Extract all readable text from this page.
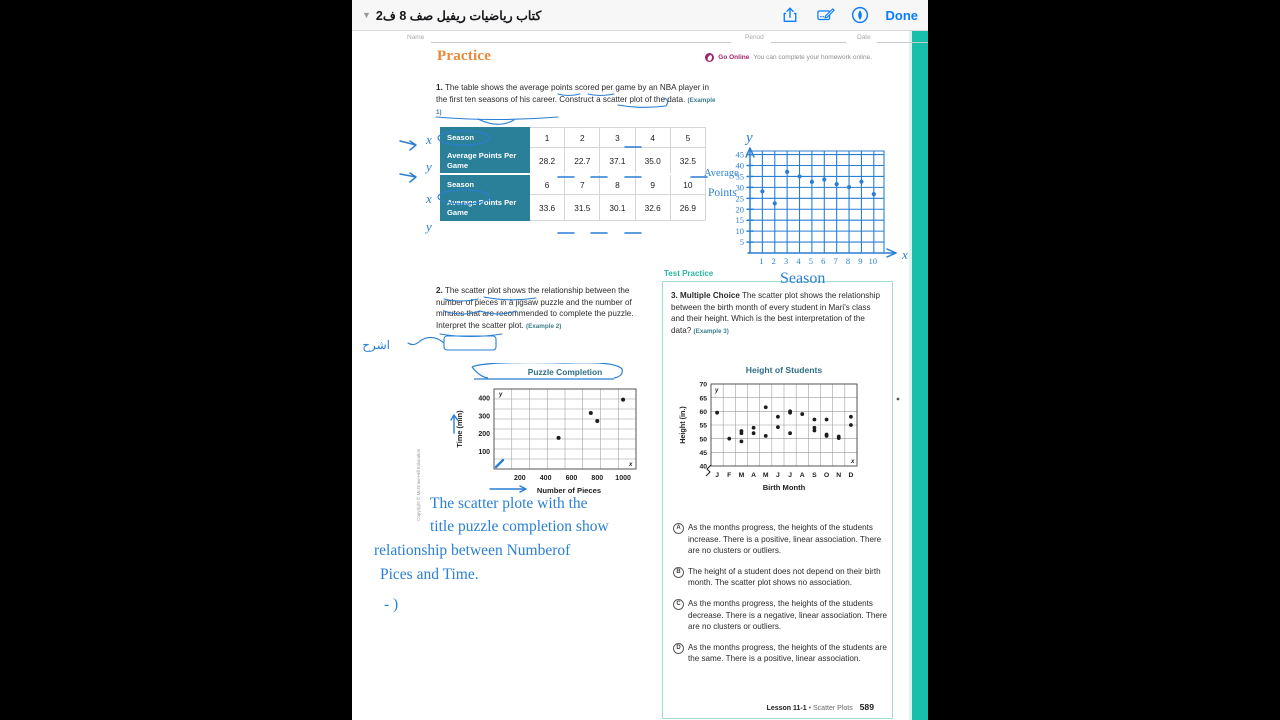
كتاب رياضيات ريفيل صف 8 ف2
▼	Done
Name	Period	Date
Practice	Go Online You can complete your homework online.
1. The table shows the average points scored per game by an NBA player in the first ten seasons of his career. Construct a scatter plot of the data. (Example 1)
Season	1	2	3	4	5
Average Points Per Game	28.2	22.7	37.1	35.0	32.5
Season	6	7	8	9	10
Average Points Per Game	33.6	31.5	30.1	32.6	26.9
2. The scatter plot shows the relationship between the number of pieces in a jigsaw puzzle and the number of minutes that are recommended to complete the puzzle. Interpret the scatter plot. (Example 2)
Puzzle Completion
y
x
200 400 600 800 1000
100
200
300
400
Time (min)
Number of Pieces
Test Practice
3. Multiple Choice The scatter plot shows the relationship between the birth month of every student in Mari's class and their height. Which is the best interpretation of the data? (Example 3)
Height of Students
40
45
50
55
60
65
70
y
x
J F M A M J J A S O N D
Height (in.)
Birth Month
A As the months progress, the heights of the students increase. There is a positive, linear association. There are no clusters or outliers.
B The height of a student does not depend on their birth month. The scatter plot shows no association.
C As the months progress, the heights of the students decrease. There is a negative, linear association. There are no clusters or outliers.
D As the months progress, the heights of the students are the same. There is a positive, linear association.
Copyright © McGraw-Hill Education
Lesson 11-1 • Scatter Plots 589
5
10
15
20
25
30
35
40
45
1 2 3 4 5 6 7 8 9 10
y
x
Average
Points
Season
x
y
x
y
اشرح
The scatter plote with the
title puzzle completion show
relationship between Numberof
Pices and Time.
- )
